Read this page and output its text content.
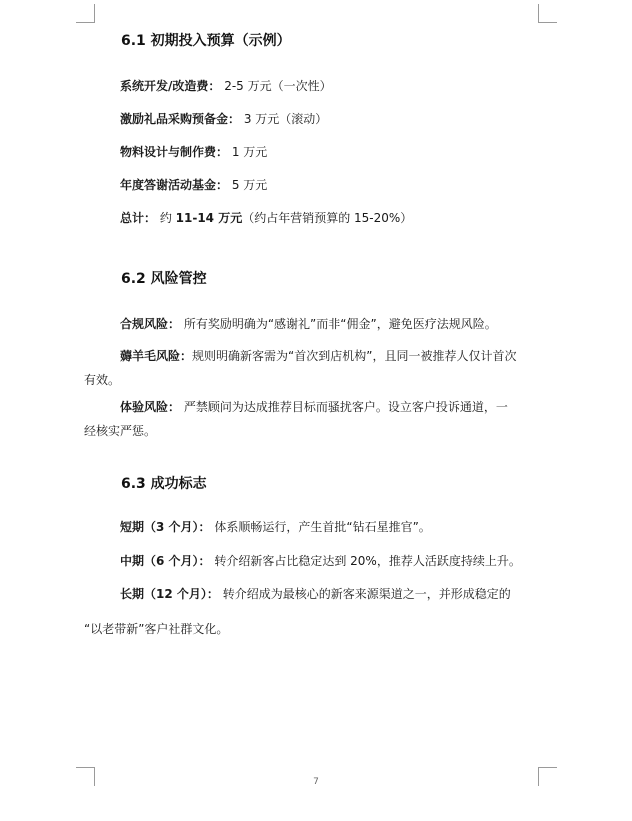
6.1 初期投入预算（示例）
系统开发/改造费： 2-5 万元（一次性）
激励礼品采购预备金： 3 万元（滚动）
物料设计与制作费： 1 万元
年度答谢活动基金： 5 万元
总计： 约 11-14 万元（约占年营销预算的 15-20%）
6.2 风险管控
合规风险： 所有奖励明确为“感谢礼”而非“佣金”，避免医疗法规风险。
薅羊毛风险：规则明确新客需为“首次到店机构”，且同一被推荐人仅计首次
有效。
体验风险： 严禁顾问为达成推荐目标而骚扰客户。设立客户投诉通道，一
经核实严惩。
6.3 成功标志
短期（3 个月）： 体系顺畅运行，产生首批“钻石星推官”。
中期（6 个月）： 转介绍新客占比稳定达到 20%，推荐人活跃度持续上升。
长期（12 个月）： 转介绍成为最核心的新客来源渠道之一，并形成稳定的
“以老带新”客户社群文化。
7
